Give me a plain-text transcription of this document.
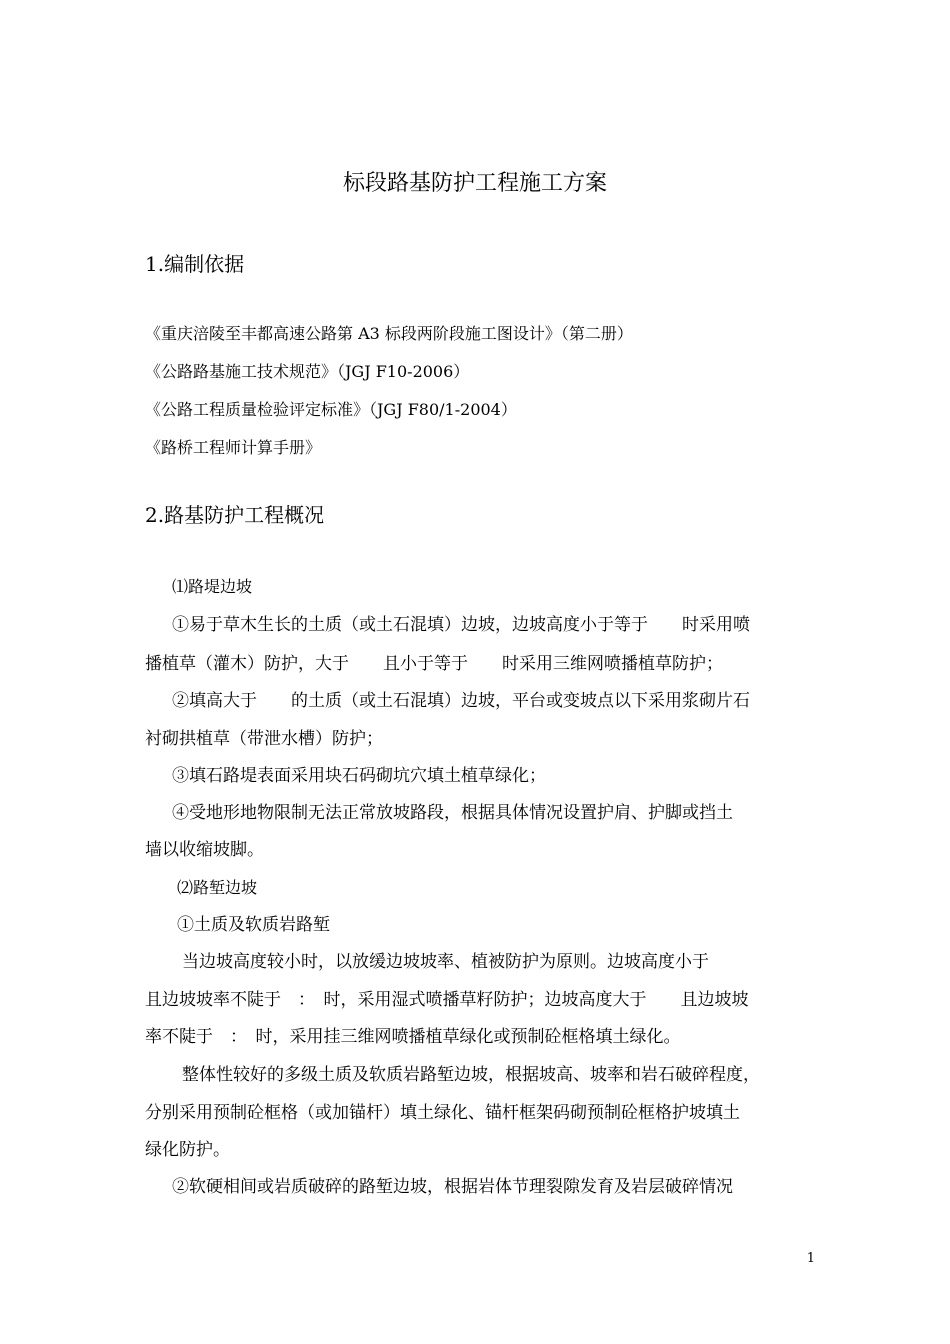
标段路基防护工程施工方案
1.编制依据

《重庆涪陵至丰都高速公路第 A3 标段两阶段施工图设计》（第二册）

《公路路基施工技术规范》（JGJ F10-2006）

《公路工程质量检验评定标准》（JGJ F80/1-2004）

《路桥工程师计算手册》

2.路基防护工程概况

⑴路堤边坡

①易于草木生长的土质（或土石混填）边坡，边坡高度小于等于　　时采用喷

播植草（灌木）防护，大于　　且小于等于　　时采用三维网喷播植草防护；

②填高大于　　的土质（或土石混填）边坡，平台或变坡点以下采用浆砌片石

衬砌拱植草（带泄水槽）防护；

③填石路堤表面采用块石码砌坑穴填土植草绿化；

④受地形地物限制无法正常放坡路段，根据具体情况设置护肩、护脚或挡土

墙以收缩坡脚。

⑵路堑边坡

①土质及软质岩路堑

当边坡高度较小时，以放缓边坡坡率、植被防护为原则。边坡高度小于

且边坡坡率不陡于　：　时，采用湿式喷播草籽防护；边坡高度大于　　且边坡坡

率不陡于　：　时，采用挂三维网喷播植草绿化或预制砼框格填土绿化。

整体性较好的多级土质及软质岩路堑边坡，根据坡高、坡率和岩石破碎程度，

分别采用预制砼框格（或加锚杆）填土绿化、锚杆框架码砌预制砼框格护坡填土

绿化防护。

②软硬相间或岩质破碎的路堑边坡，根据岩体节理裂隙发育及岩层破碎情况

1
